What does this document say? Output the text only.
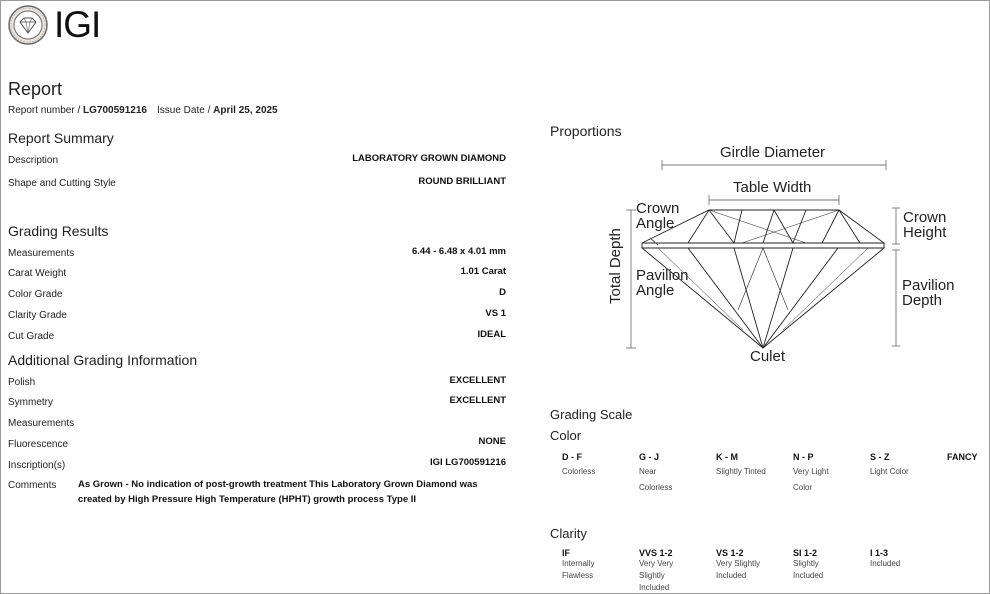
IGI
Report
Report number / LG700591216 Issue Date / April 25, 2025
Report Summary
Description	LABORATORY GROWN DIAMOND
Shape and Cutting Style	ROUND BRILLIANT
Grading Results
Measurements	6.44 - 6.48 x 4.01 mm
Carat Weight	1.01 Carat
Color Grade	D
Clarity Grade	VS 1
Cut Grade	IDEAL
Additional Grading Information
Polish	EXCELLENT
Symmetry	EXCELLENT
Measurements
Fluorescence	NONE
Inscription(s)	IGI LG700591216
Comments As Grown - No indication of post-growth treatment This Laboratory Grown Diamond was created by High Pressure High Temperature (HPHT) growth process Type II
Proportions
Girdle Diameter
Table Width
Crown
Angle	Crown
Height
Total Depth Pavilion
Angle	Pavilion
Depth
Culet
Grading Scale
Color
D - F
Colorless
G - J
Near Colorless
K - M
Slightly Tinted
N - P
Very Light Color
S - Z
Light Color
FANCY
Clarity
IF
Internally Flawless
VVS 1-2
Very Very Slightly Included
VS 1-2
Very Slightly Included
SI 1-2
Slightly Included
I 1-3
Included
